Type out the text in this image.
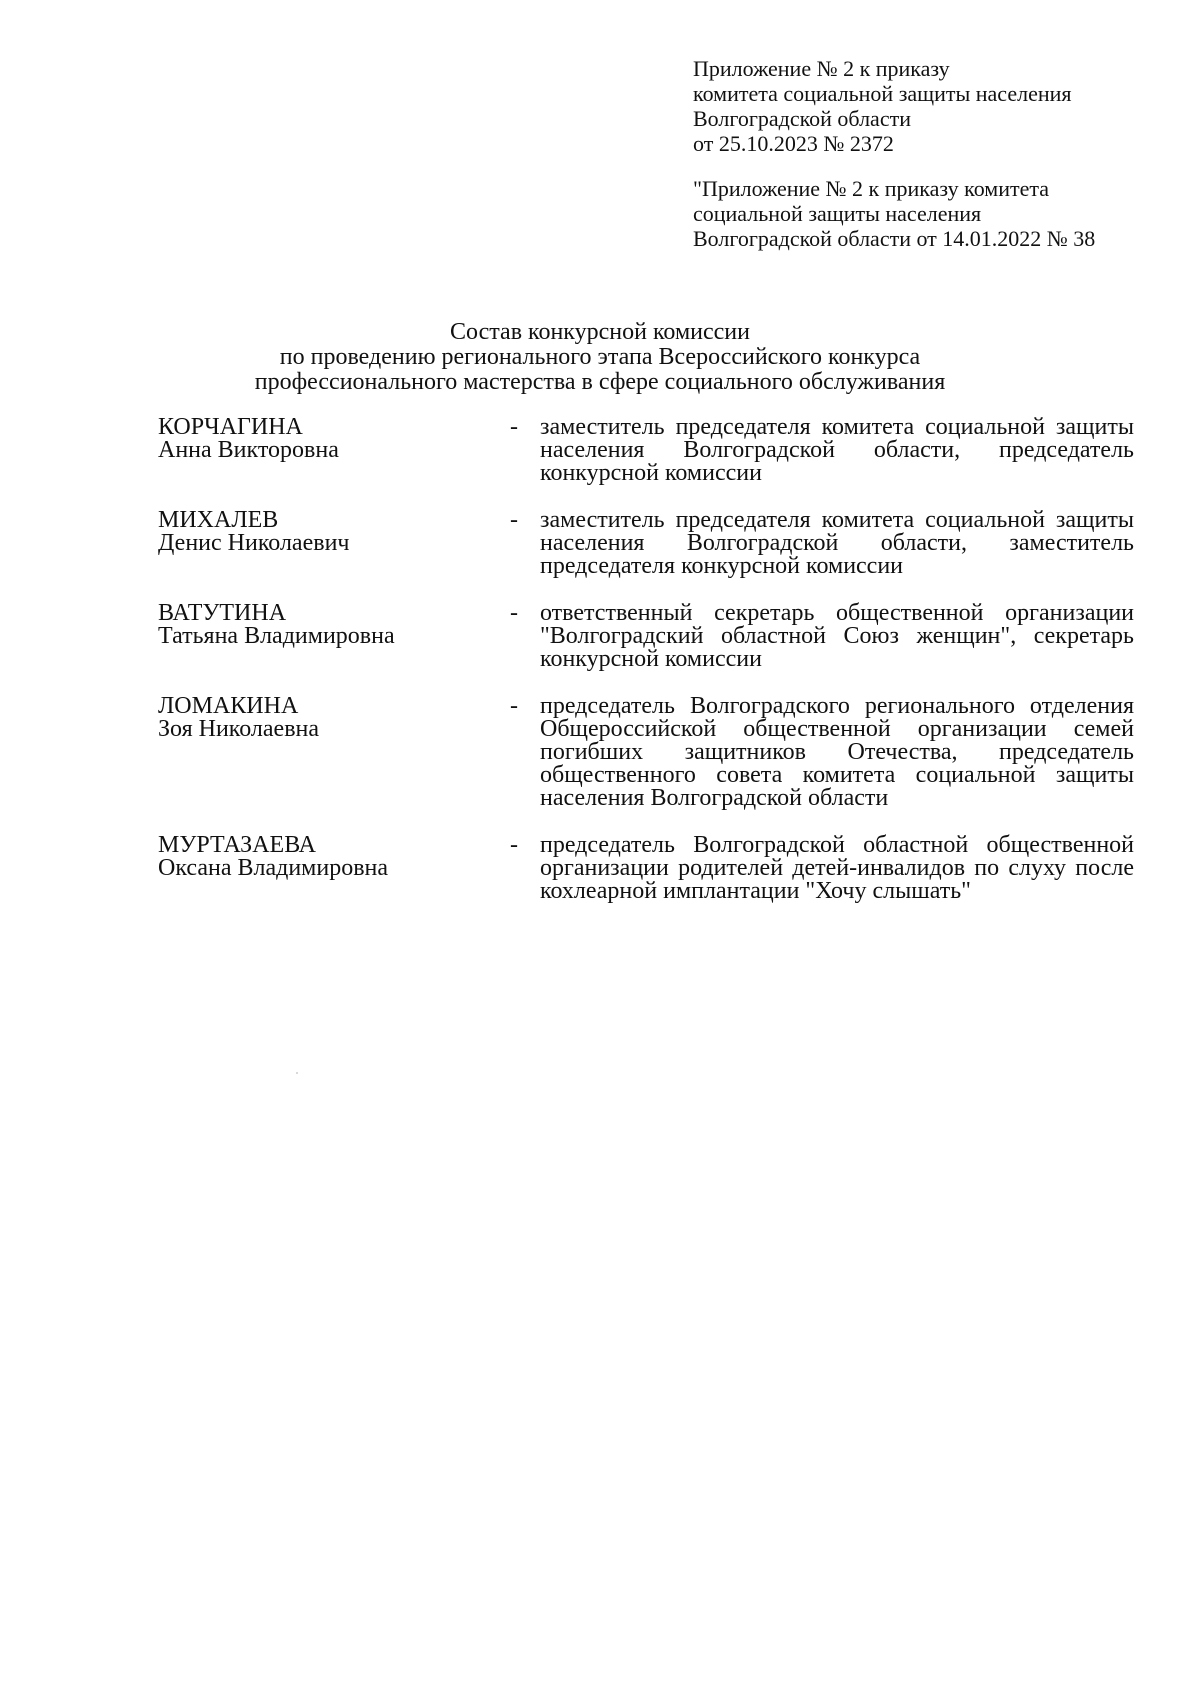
Приложение № 2 к приказу
комитета социальной защиты населения
Волгоградской области
от 25.10.2023 № 2372
"Приложение № 2 к приказу комитета
социальной защиты населения
Волгоградской области от 14.01.2022 № 38
Состав конкурсной комиссии
по проведению регионального этапа Всероссийского конкурса
профессионального мастерства в сфере социального обслуживания
КОРЧАГИНА
Анна Викторовна
- заместитель председателя комитета социальной защиты населения Волгоградской области, председатель конкурсной комиссии
МИХАЛЕВ
Денис Николаевич
- заместитель председателя комитета социальной защиты населения Волгоградской области, заместитель председателя конкурсной комиссии
ВАТУТИНА
Татьяна Владимировна
- ответственный секретарь общественной организации "Волгоградский областной Союз женщин", секретарь конкурсной комиссии
ЛОМАКИНА
Зоя Николаевна
- председатель Волгоградского регионального отделения Общероссийской общественной организации семей погибших защитников Отечества, председатель общественного совета комитета социальной защиты населения Волгоградской области
МУРТАЗАЕВА
Оксана Владимировна
- председатель Волгоградской областной общественной организации родителей детей-инвалидов по слуху после кохлеарной имплантации "Хочу слышать"
